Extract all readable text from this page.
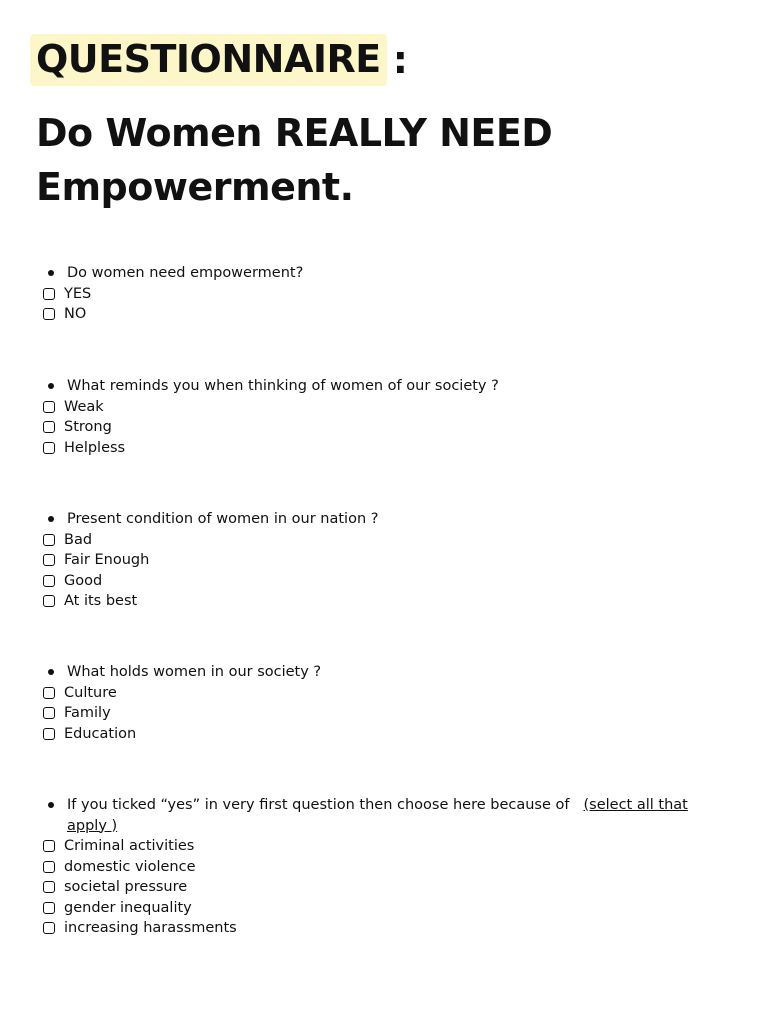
QUESTIONNAIRE :
Do Women REALLY NEED Empowerment.
Do women need empowerment?
YES
NO
What reminds you when thinking of women of our society ?
Weak
Strong
Helpless
Present condition of women in our nation ?
Bad
Fair Enough
Good
At its best
What holds women in our society ?
Culture
Family
Education
If you ticked “yes” in very first question then choose here because of (select all that apply )
Criminal activities
domestic violence
societal pressure
gender inequality
increasing harassments
